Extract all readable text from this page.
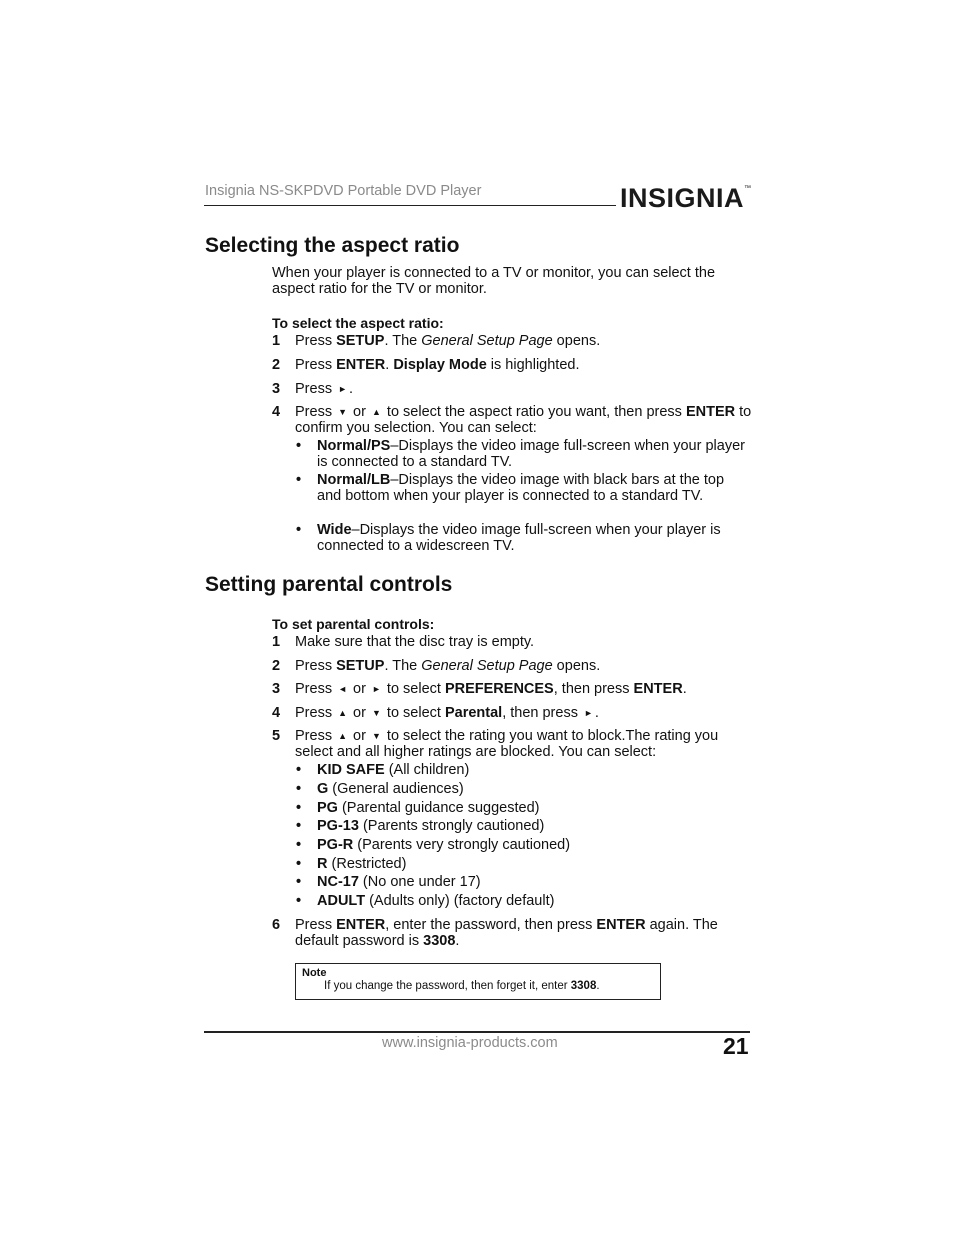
Insignia NS-SKPDVD Portable DVD Player	INSIGNIA™
Selecting the aspect ratio
When your player is connected to a TV or monitor, you can select the aspect ratio for the TV or monitor.
To select the aspect ratio:
1 Press SETUP. The General Setup Page opens.
2 Press ENTER. Display Mode is highlighted.
3 Press ► .
4 Press ▼ or ▲ to select the aspect ratio you want, then press ENTER to confirm you selection. You can select:
• Normal/PS–Displays the video image full-screen when your player is connected to a standard TV.
• Normal/LB–Displays the video image with black bars at the top and bottom when your player is connected to a standard TV.
• Wide–Displays the video image full-screen when your player is connected to a widescreen TV.
Setting parental controls
To set parental controls:
1 Make sure that the disc tray is empty.
2 Press SETUP. The General Setup Page opens.
3 Press ◄ or ► to select PREFERENCES, then press ENTER.
4 Press ▲ or ▼ to select Parental, then press ► .
5 Press ▲ or ▼ to select the rating you want to block.The rating you select and all higher ratings are blocked. You can select:
• KID SAFE (All children)
• G (General audiences)
• PG (Parental guidance suggested)
• PG-13 (Parents strongly cautioned)
• PG-R (Parents very strongly cautioned)
• R (Restricted)
• NC-17 (No one under 17)
• ADULT (Adults only) (factory default)
6 Press ENTER, enter the password, then press ENTER again. The default password is 3308.
Note
If you change the password, then forget it, enter 3308.
www.insignia-products.com	21
